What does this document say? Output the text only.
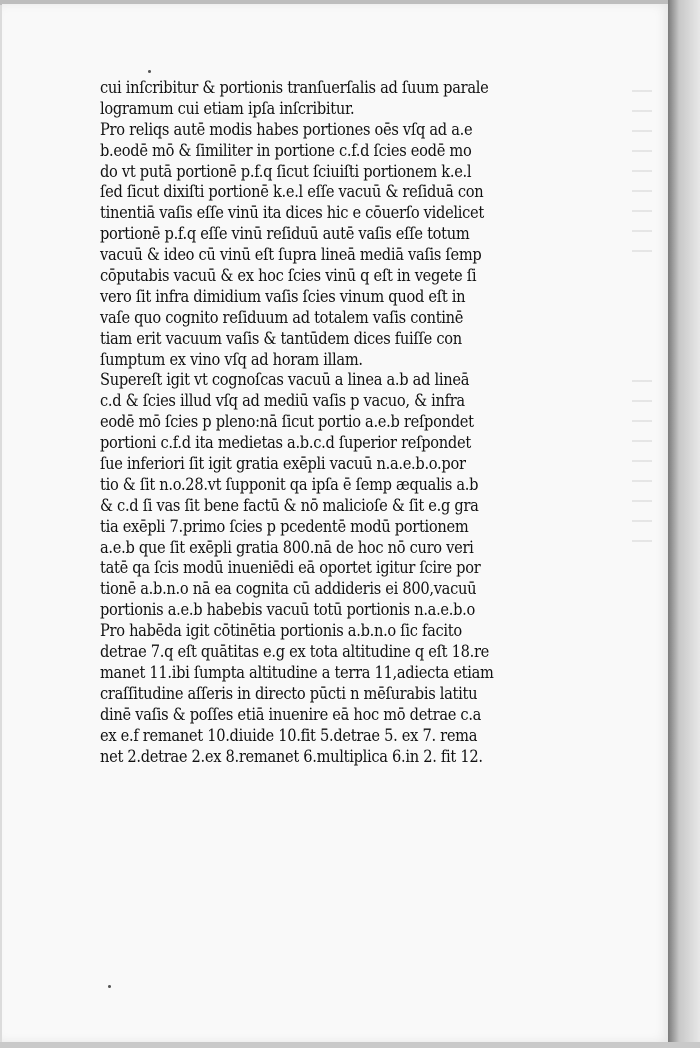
cui inſcribitur & portionis tranſuerſalis ad ſuum parale
logramum cui etiam ipſa inſcribitur.
Pro reliqs autē modis habes portiones oēs vſq ad a.e
b.eodē mō & ſimiliter in portione c.f.d ſcies eodē mo
do vt putā portionē p.f.q ſicut ſciuiſti portionem k.e.l
ſed ſicut dixiſti portionē k.e.l eſſe vacuū & reſiduā con
tinentiā vaſis eſſe vinū ita dices hic e cōuerſo videlicet
portionē p.f.q eſſe vinū reſiduū autē vaſis eſſe totum
vacuū & ideo cū vinū eſt ſupra lineā mediā vaſis ſemp
cōputabis vacuū & ex hoc ſcies vinū q eſt in vegete ſi
vero ſit infra dimidium vaſis ſcies vinum quod eſt in
vaſe quo cognito reſiduum ad totalem vaſis continē
tiam erit vacuum vaſis & tantūdem dices fuiſſe con
ſumptum ex vino vſq ad horam illam.
Supereſt igit vt cognoſcas vacuū a linea a.b ad lineā
c.d & ſcies illud vſq ad mediū vaſis p vacuo, & infra
eodē mō ſcies p pleno:nā ſicut portio a.e.b reſpondet
portioni c.f.d ita medietas a.b.c.d ſuperior reſpondet
ſue inferiori ſit igit gratia exēpli vacuū n.a.e.b.o.por
tio & ſit n.o.28.vt ſupponit qa ipſa ē ſemp æqualis a.b
& c.d ſi vas ſit bene factū & nō malicioſe & ſit e.g gra
tia exēpli 7.primo ſcies p pcedentē modū portionem
a.e.b que ſit exēpli gratia 800.nā de hoc nō curo veri
tatē qa ſcis modū inueniēdi eā oportet igitur ſcire por
tionē a.b.n.o nā ea cognita cū addideris ei 800,vacuū
portionis a.e.b habebis vacuū totū portionis n.a.e.b.o
Pro habēda igit cōtinētia portionis a.b.n.o ſic facito
detrae 7.q eſt quātitas e.g ex tota altitudine q eſt 18.re
manet 11.ibi ſumpta altitudine a terra 11,adiecta etiam
craſſitudine aſſeris in directo pūcti n mēſurabis latitu
dinē vaſis & poſſes etiā inuenire eā hoc mō detrae c.a
ex e.f remanet 10.diuide 10.fit 5.detrae 5. ex 7. rema
net 2.detrae 2.ex 8.remanet 6.multiplica 6.in 2. fit 12.
